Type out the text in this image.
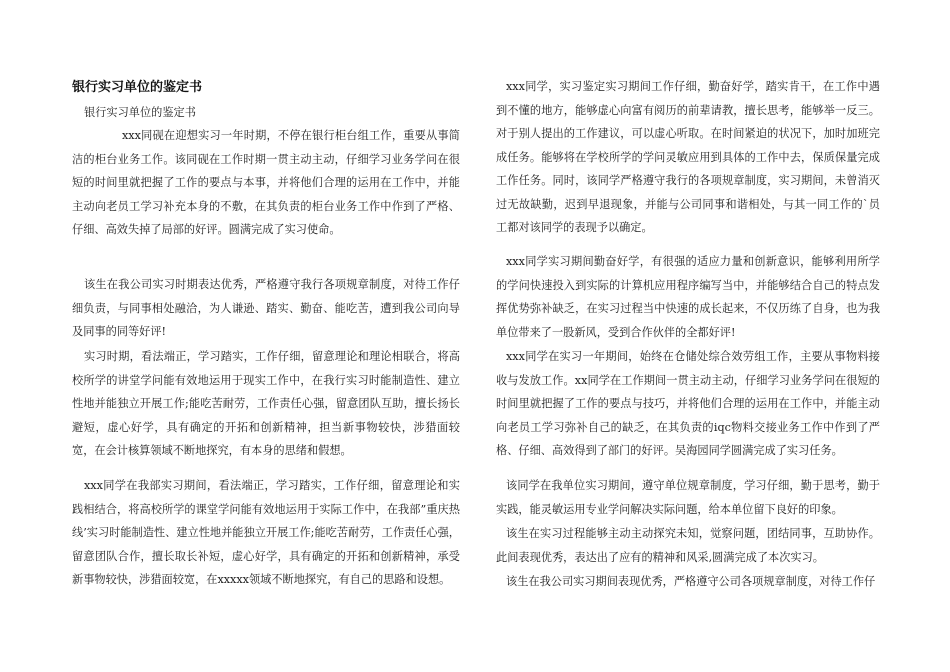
银行实习单位的鉴定书

银行实习单位的鉴定书

xxx同砚在迎想实习一年时期，不停在银行柜台组工作，重要从事简洁的柜台业务工作。该同砚在工作时期一贯主动主动，仔细学习业务学问在很短的时间里就把握了工作的要点与本事，并将他们合理的运用在工作中，并能主动向老员工学习补充本身的不敷，在其负责的柜台业务工作中作到了严格、仔细、高效失掉了局部的好评。圆满完成了实习使命。

该生在我公司实习时期表达优秀，严格遵守我行各项规章制度，对待工作仔细负责，与同事相处融洽，为人谦逊、踏实、勤奋、能吃苦，遭到我公司向导及同事的同等好评!

实习时期，看法端正，学习踏实，工作仔细，留意理论和理论相联合，将高校所学的讲堂学问能有效地运用于现实工作中，在我行实习时能制造性、建立性地并能独立开展工作;能吃苦耐劳，工作责任心强，留意团队互助，擅长扬长避短，虚心好学，具有确定的开拓和创新精神，担当新事物较快，涉猎面较宽，在会计核算领域不断地探究，有本身的思绪和假想。

xxx同学在我部实习期间，看法端正，学习踏实，工作仔细，留意理论和实践相结合，将高校所学的课堂学问能有效地运用于实际工作中，在我部”重庆热线’实习时能制造性、建立性地并能独立开展工作;能吃苦耐劳，工作责任心强，留意团队合作，擅长取长补短，虚心好学，具有确定的开拓和创新精神，承受新事物较快，涉猎面较宽，在xxxxx领域不断地探究，有自己的思路和设想。

xxx同学，实习鉴定实习期间工作仔细，勤奋好学，踏实肯干，在工作中遇到不懂的地方，能够虚心向富有阅历的前辈请教，擅长思考，能够举一反三。对于别人提出的工作建议，可以虚心听取。在时间紧迫的状况下，加时加班完成任务。能够将在学校所学的学问灵敏应用到具体的工作中去，保质保量完成工作任务。同时，该同学严格遵守我行的各项规章制度，实习期间，未曾消灭过无故缺勤，迟到早退现象，并能与公司同事和谐相处，与其一同工作的`员工都对该同学的表现予以确定。

xxx同学实习期间勤奋好学，有很强的适应力量和创新意识，能够利用所学的学问快速投入到实际的计算机应用程序编写当中，并能够结合自己的特点发挥优势弥补缺乏，在实习过程当中快速的成长起来，不仅历练了自身，也为我单位带来了一股新风，受到合作伙伴的全都好评!

xxx同学在实习一年期间，始终在仓储处综合效劳组工作，主要从事物料接收与发放工作。xx同学在工作期间一贯主动主动，仔细学习业务学问在很短的时间里就把握了工作的要点与技巧，并将他们合理的运用在工作中，并能主动向老员工学习弥补自己的缺乏，在其负责的iqc物料交接业务工作中作到了严格、仔细、高效得到了部门的好评。吴海园同学圆满完成了实习任务。

该同学在我单位实习期间，遵守单位规章制度，学习仔细，勤于思考，勤于实践，能灵敏运用专业学问解决实际问题，给本单位留下良好的印象。

该生在实习过程能够主动主动探究未知，觉察问题，团结同事，互助协作。此间表现优秀，表达出了应有的精神和风采,圆满完成了本次实习。

该生在我公司实习期间表现优秀，严格遵守公司各项规章制度，对待工作仔
